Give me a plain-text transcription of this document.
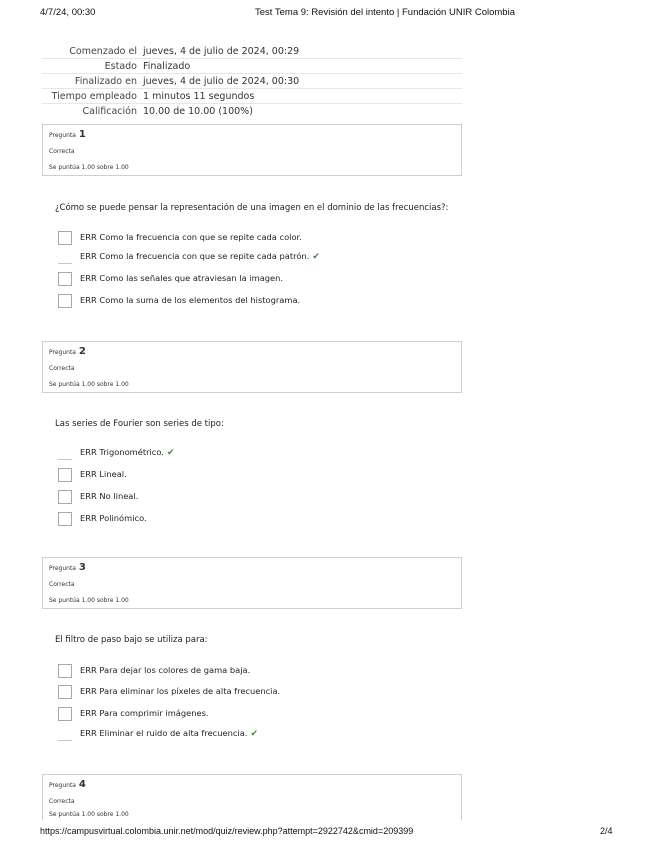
4/7/24, 00:30	Test Tema 9: Revisión del intento | Fundación UNIR Colombia
Comenzado el	jueves, 4 de julio de 2024, 00:29
Estado	Finalizado
Finalizado en	jueves, 4 de julio de 2024, 00:30
Tiempo empleado	1 minutos 11 segundos
Calificación	10.00 de 10.00 (100%)
Pregunta 1
Correcta
Se puntúa 1.00 sobre 1.00
¿Cómo se puede pensar la representación de una imagen en el dominio de las frecuencias?:
ERR Como la frecuencia con que se repite cada color.
ERR Como la frecuencia con que se repite cada patrón. ✔
ERR Como las señales que atraviesan la imagen.
ERR Como la suma de los elementos del histograma.
Pregunta 2
Correcta
Se puntúa 1.00 sobre 1.00
Las series de Fourier son series de tipo:
ERR Trigonométrico. ✔
ERR Lineal.
ERR No lineal.
ERR Polinómico.
Pregunta 3
Correcta
Se puntúa 1.00 sobre 1.00
El filtro de paso bajo se utiliza para:
ERR Para dejar los colores de gama baja.
ERR Para eliminar los píxeles de alta frecuencia.
ERR Para comprimir imágenes.
ERR Eliminar el ruido de alta frecuencia. ✔
Pregunta 4
Correcta
Se puntúa 1.00 sobre 1.00
https://campusvirtual.colombia.unir.net/mod/quiz/review.php?attempt=2922742&cmid=209399	2/4
